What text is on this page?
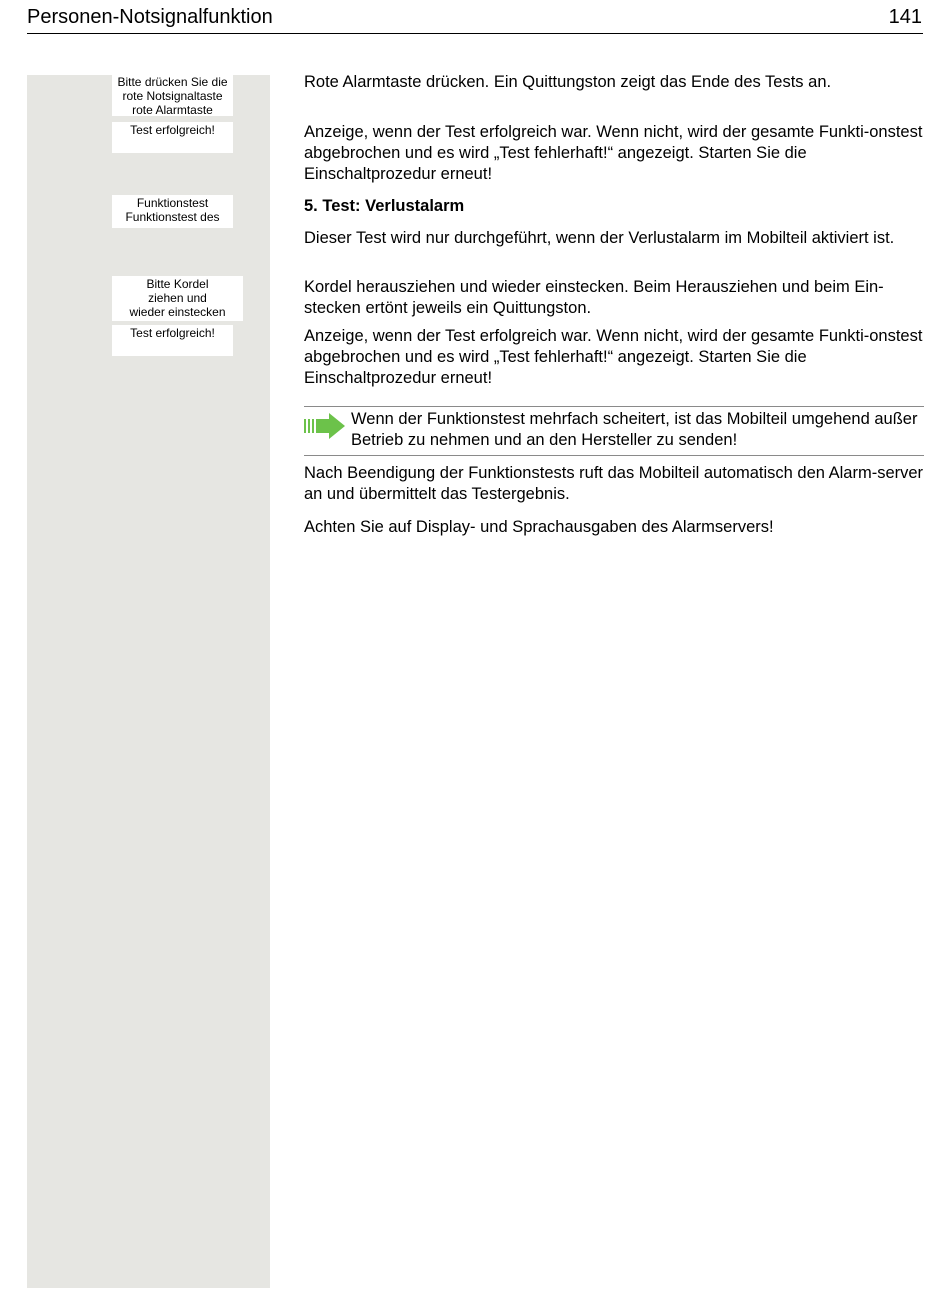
Personen-Notsignalfunktion	141
Bitte drücken Sie die
rote Notsignaltaste
rote Alarmtaste
Test erfolgreich!
Funktionstest
Funktionstest des
Bitte Kordel
ziehen und
wieder einstecken
Test erfolgreich!
Rote Alarmtaste drücken. Ein Quittungston zeigt das Ende des Tests an.
Anzeige, wenn der Test erfolgreich war. Wenn nicht, wird der gesamte Funkti-onstest abgebrochen und es wird „Test fehlerhaft!“ angezeigt. Starten Sie die Einschaltprozedur erneut!
5. Test: Verlustalarm
Dieser Test wird nur durchgeführt, wenn der Verlustalarm im Mobilteil aktiviert ist.
Kordel herausziehen und wieder einstecken. Beim Herausziehen und beim Ein-stecken ertönt jeweils ein Quittungston.
Anzeige, wenn der Test erfolgreich war. Wenn nicht, wird der gesamte Funkti-onstest abgebrochen und es wird „Test fehlerhaft!“ angezeigt. Starten Sie die Einschaltprozedur erneut!
Wenn der Funktionstest mehrfach scheitert, ist das Mobilteil umgehend außer Betrieb zu nehmen und an den Hersteller zu senden!
Nach Beendigung der Funktionstests ruft das Mobilteil automatisch den Alarm-server an und übermittelt das Testergebnis.
Achten Sie auf Display- und Sprachausgaben des Alarmservers!
